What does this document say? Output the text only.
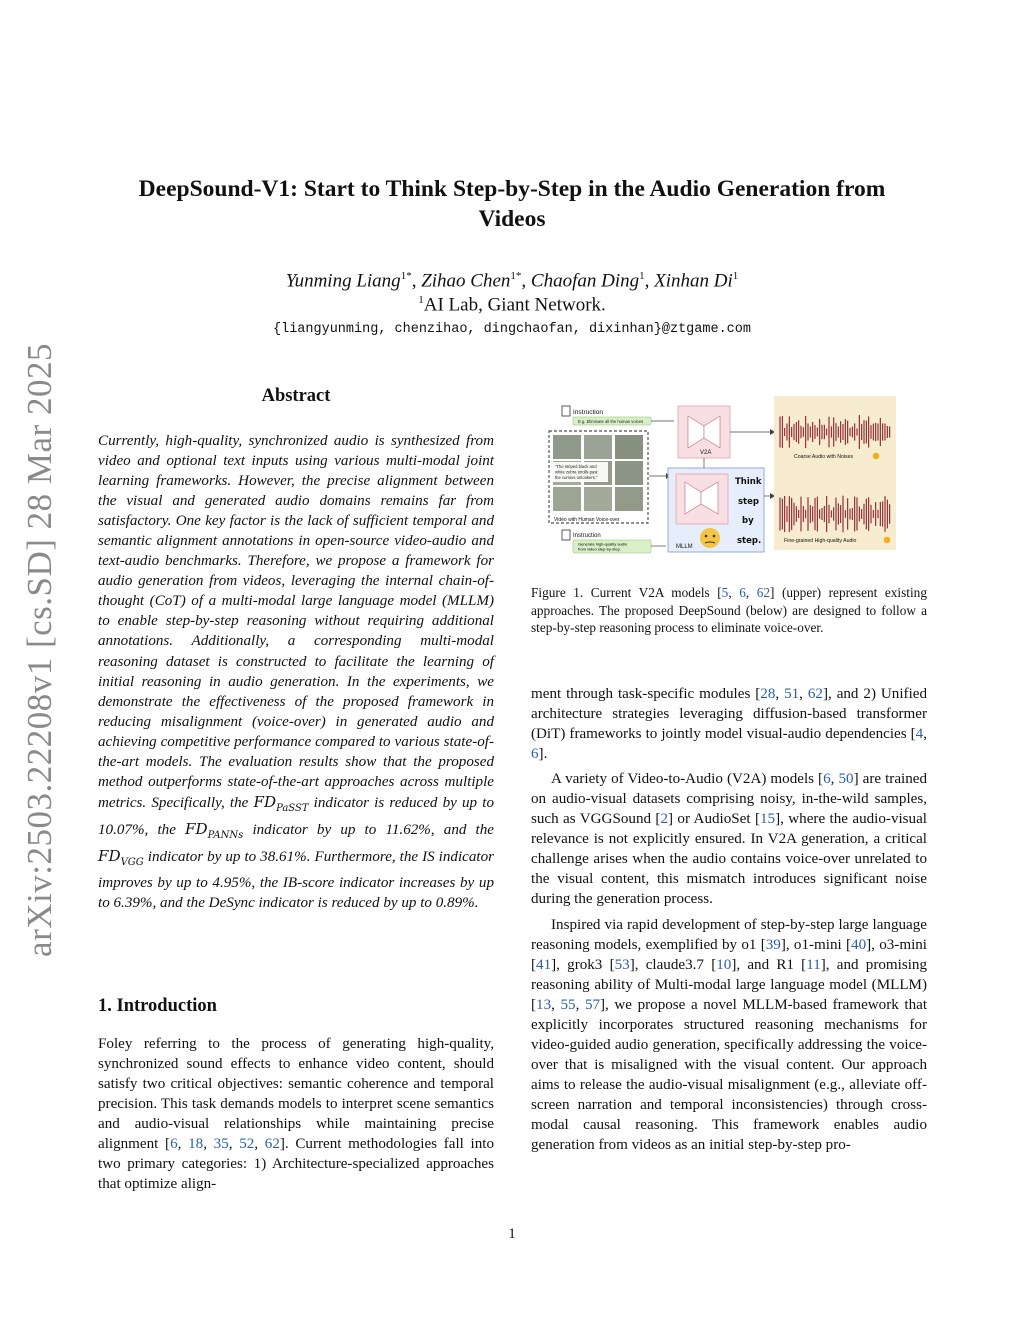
arXiv:2503.22208v1 [cs.SD] 28 Mar 2025
DeepSound-V1: Start to Think Step-by-Step in the Audio Generation from Videos
Yunming Liang$^{1*}$, Zihao Chen$^{1*}$, Chaofan Ding$^1$, Xinhan Di$^1$
$^1$AI Lab, Giant Network.
{liangyunming, chenzihao, dingchaofan, dixinhan}@ztgame.com
Abstract
Currently, high-quality, synchronized audio is synthesized from video and optional text inputs using various multi-modal joint learning frameworks. However, the precise alignment between the visual and generated audio domains remains far from satisfactory. One key factor is the lack of sufficient temporal and semantic alignment annotations in open-source video-audio and text-audio benchmarks. Therefore, we propose a framework for audio generation from videos, leveraging the internal chain-of-thought (CoT) of a multi-modal large language model (MLLM) to enable step-by-step reasoning without requiring additional annotations. Additionally, a corresponding multi-modal reasoning dataset is constructed to facilitate the learning of initial reasoning in audio generation. In the experiments, we demonstrate the effectiveness of the proposed framework in reducing misalignment (voice-over) in generated audio and achieving competitive performance compared to various state-of-the-art models. The evaluation results show that the proposed method outperforms state-of-the-art approaches across multiple metrics. Specifically, the $FD_{PaSST}$ indicator is reduced by up to 10.07%, the $FD_{PANNs}$ indicator by up to 11.62%, and the $FD_{VGG}$ indicator by up to 38.61%. Furthermore, the IS indicator improves by up to 4.95%, the IB-score indicator increases by up to 6.39%, and the DeSync indicator is reduced by up to 0.89%.
1. Introduction
Foley referring to the process of generating high-quality, synchronized sound effects to enhance video content, should satisfy two critical objectives: semantic coherence and temporal precision. This task demands models to interpret scene semantics and audio-visual relationships while maintaining precise alignment [6, 18, 35, 52, 62]. Current methodologies fall into two primary categories: 1) Architecture-specialized approaches that optimize align-
Instruction
E.g. Eliminate all the human voices
"The striped black and
white zebra strolls past
the curious onlookers."
Video with Human Voice-over
Instruction
Generate high-quality audio
from video step-by-step.
V2A
MLLM
Think
step
by
step.
Coarse Audio with Noises
Fine-grained High-quality Audio
Figure 1. Current V2A models [5, 6, 62] (upper) represent existing approaches. The proposed DeepSound (below) are designed to follow a step-by-step reasoning process to eliminate voice-over.

ment through task-specific modules [28, 51, 62], and 2) Unified architecture strategies leveraging diffusion-based transformer (DiT) frameworks to jointly model visual-audio dependencies [4, 6].

A variety of Video-to-Audio (V2A) models [6, 50] are trained on audio-visual datasets comprising noisy, in-the-wild samples, such as VGGSound [2] or AudioSet [15], where the audio-visual relevance is not explicitly ensured. In V2A generation, a critical challenge arises when the audio contains voice-over unrelated to the visual content, this mismatch introduces significant noise during the generation process.

Inspired via rapid development of step-by-step large language reasoning models, exemplified by o1 [39], o1-mini [40], o3-mini [41], grok3 [53], claude3.7 [10], and R1 [11], and promising reasoning ability of Multi-modal large language model (MLLM) [13, 55, 57], we propose a novel MLLM-based framework that explicitly incorporates structured reasoning mechanisms for video-guided audio generation, specifically addressing the voice-over that is misaligned with the visual content. Our approach aims to release the audio-visual misalignment (e.g., alleviate off-screen narration and temporal inconsistencies) through cross-modal causal reasoning. This framework enables audio generation from videos as an initial step-by-step pro-

1
